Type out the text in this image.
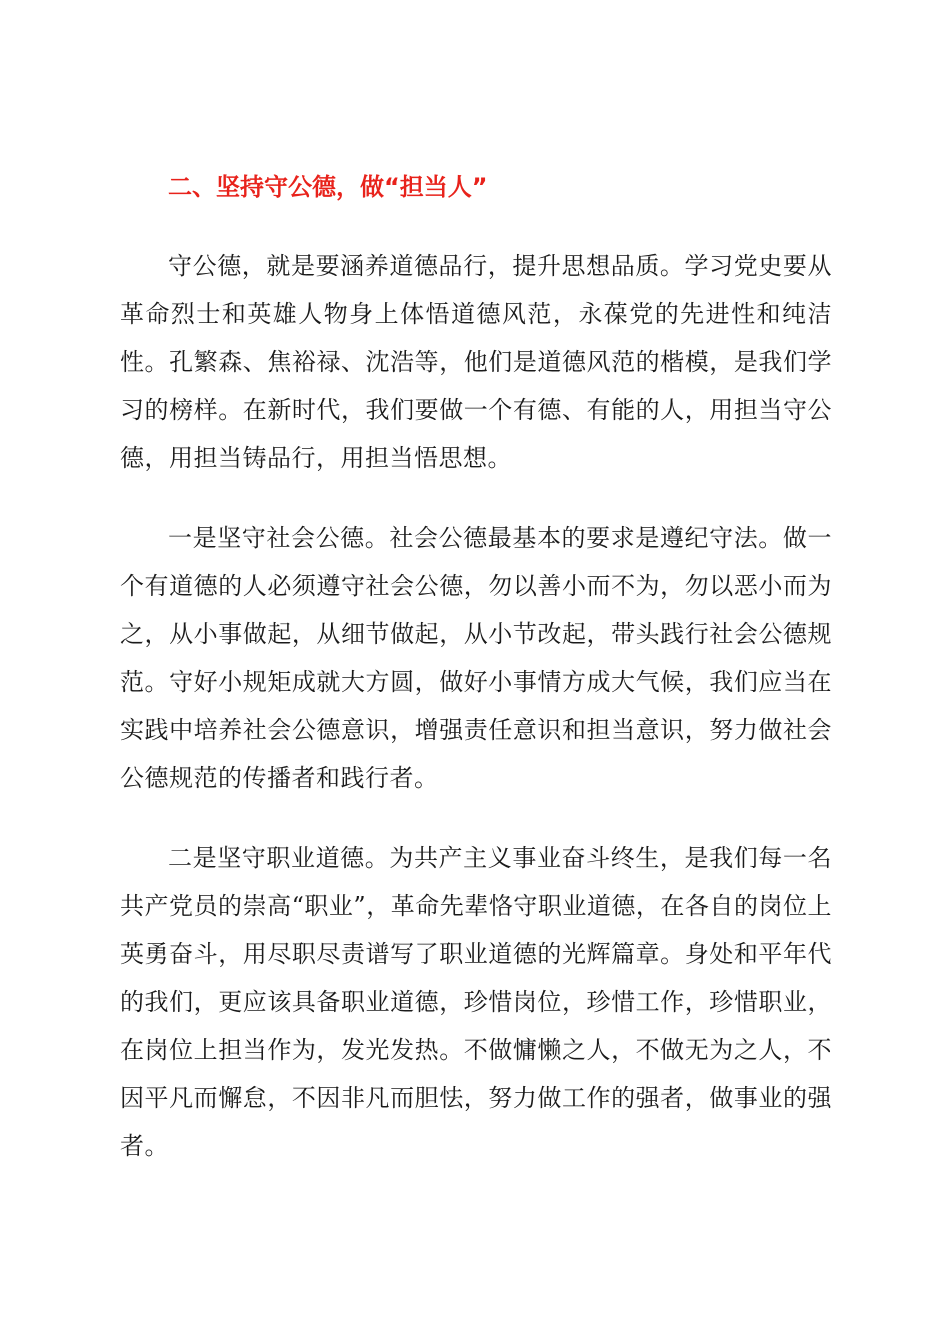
二、坚持守公德，做“担当人”

守公德，就是要涵养道德品行，提升思想品质。学习党史要从革命烈士和英雄人物身上体悟道德风范，永葆党的先进性和纯洁性。孔繁森、焦裕禄、沈浩等，他们是道德风范的楷模，是我们学习的榜样。在新时代，我们要做一个有德、有能的人，用担当守公德，用担当铸品行，用担当悟思想。

一是坚守社会公德。社会公德最基本的要求是遵纪守法。做一个有道德的人必须遵守社会公德，勿以善小而不为，勿以恶小而为之，从小事做起，从细节做起，从小节改起，带头践行社会公德规范。守好小规矩成就大方圆，做好小事情方成大气候，我们应当在实践中培养社会公德意识，增强责任意识和担当意识，努力做社会公德规范的传播者和践行者。

二是坚守职业道德。为共产主义事业奋斗终生，是我们每一名共产党员的崇高“职业”，革命先辈恪守职业道德，在各自的岗位上英勇奋斗，用尽职尽责谱写了职业道德的光辉篇章。身处和平年代的我们，更应该具备职业道德，珍惜岗位，珍惜工作，珍惜职业，在岗位上担当作为，发光发热。不做慵懒之人，不做无为之人，不因平凡而懈怠，不因非凡而胆怯，努力做工作的强者，做事业的强者。
